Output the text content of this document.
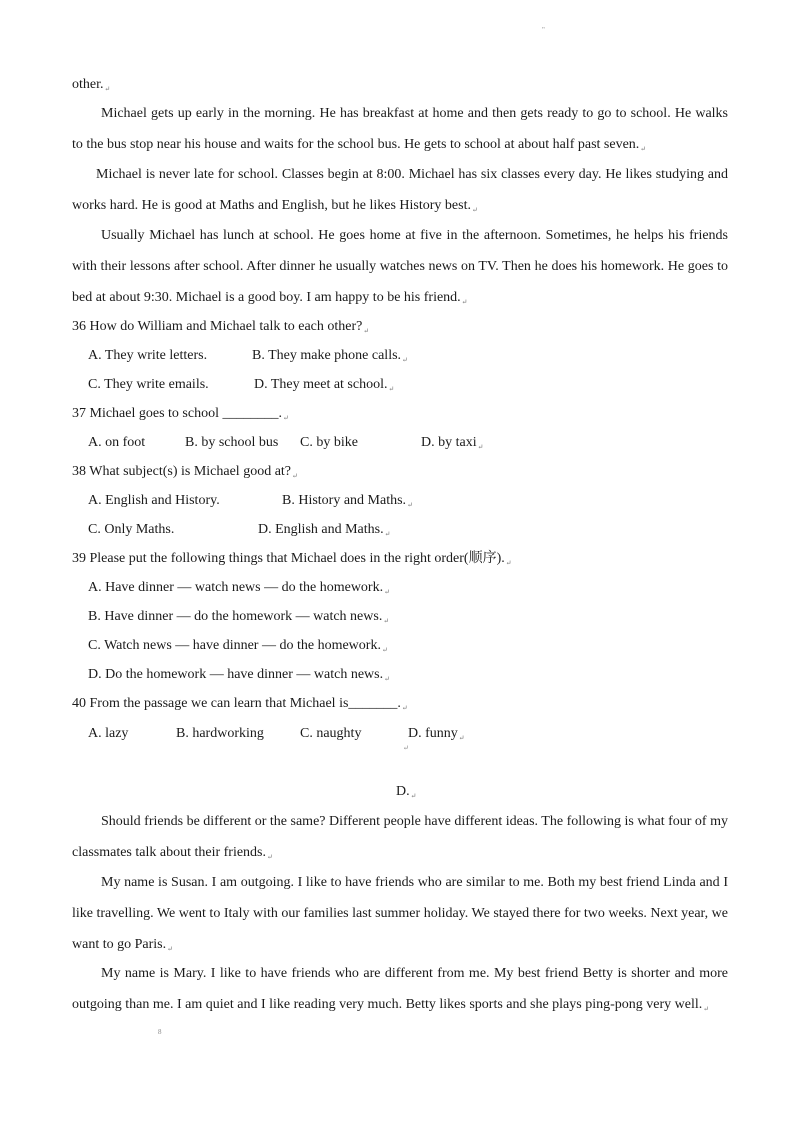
"
$other._↵$
Michael gets up early in the morning. He has breakfast at home and then gets ready to go to school. He walks to the bus stop near his house and waits for the school bus. He gets to school at about half past $seven._↵$
Michael is never late for school. Classes begin at 8:00. Michael has six classes every day. He likes studying and works hard. He is good at Maths and English, but he likes History $best._↵$
Usually Michael has lunch at school. He goes home at five in the afternoon. Sometimes, he helps his friends with their lessons after school. After dinner he usually watches news on TV. Then he does his homework. He goes to bed at about 9:30. Michael is a good boy. I am happy to be his $friend._↵$
36 How do William and Michael talk to each $other?_↵$
A. They write letters.	B. They make phone $calls._↵$
C. They write emails.	D. They meet at $school._↵$
37 Michael goes to school $\_\_\_\_\_\_\_\_._↵$
A. on foot	B. by school bus C. by bike	D. by taxi$_↵$
38 What subject(s) is Michael good $at?_↵$
A. English and History.	B. History and $Maths._↵$
C. Only Maths.	D. English and $Maths._↵$
39 Please put the following things that Michael does in the right order(顺序)$._↵$
A. Have dinner — watch news — do the $homework._↵$
B. Have dinner — do the homework — watch $news._↵$
C. Watch news — have dinner — do the $homework._↵$
D. Do the homework — have dinner — watch $news._↵$
40 From the passage we can learn that Michael $is\_\_\_\_\_\_\_._↵$
A. lazy	B. hardworking	C. naughty	D. funny$_↵$
↵
$D._↵$
Should friends be different or the same? Different people have different ideas. The following is what four of my classmates talk about their $friends._↵$
My name is Susan. I am outgoing. I like to have friends who are similar to me. Both my best friend Linda and I like travelling. We went to Italy with our families last summer holiday. We stayed there for two weeks. Next year, we want to go $Paris._↵$
My name is Mary. I like to have friends who are different from me. My best friend Betty is shorter and more outgoing than me. I am quiet and I like reading very much. Betty likes sports and she plays ping-pong very $well._↵$
8
